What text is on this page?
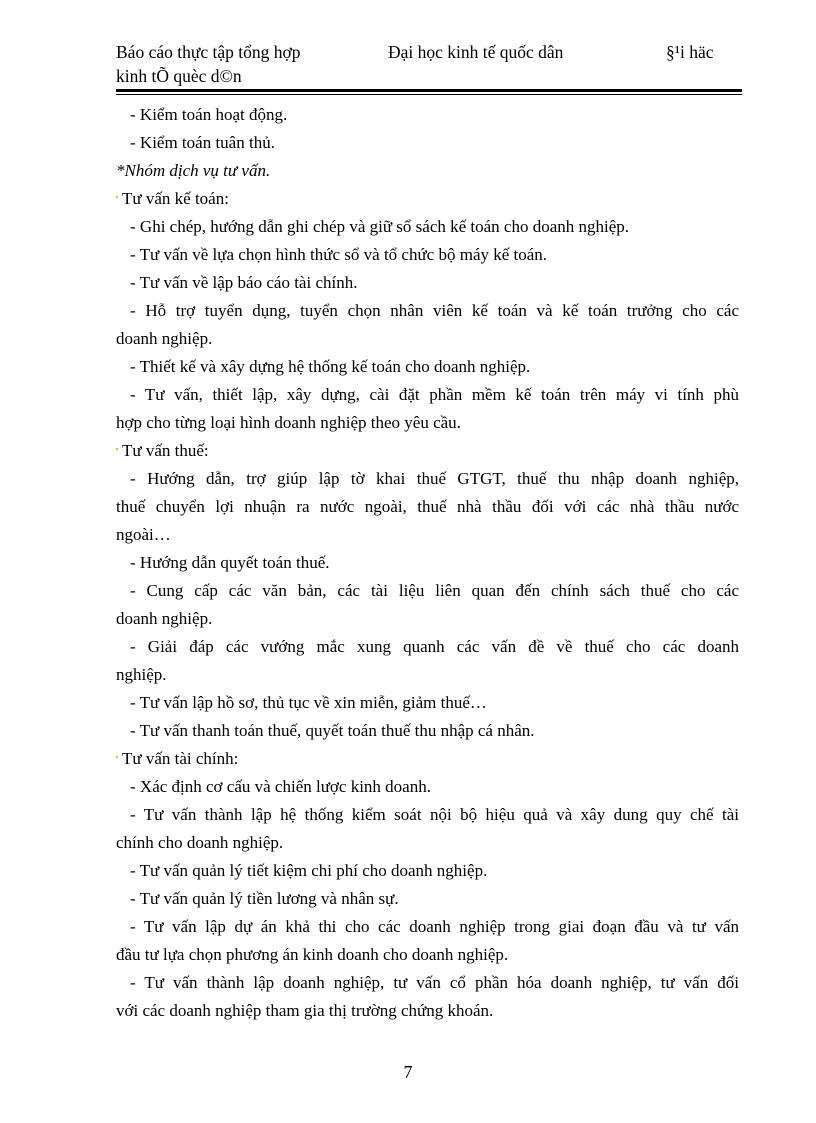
Báo cáo thực tập tổng hợp
kinh tÕ quèc d©n
Đại học kinh tế quốc dân	§¹i häc
- Kiểm toán hoạt động.
- Kiểm toán tuân thủ.
*Nhóm dịch vụ tư vấn.
Tư vấn kế toán:
- Ghi chép, hướng dẫn ghi chép và giữ sổ sách kế toán cho doanh nghiệp.
- Tư vấn về lựa chọn hình thức sổ và tổ chức bộ máy kế toán.
- Tư vấn về lập báo cáo tài chính.
- Hỗ trợ tuyển dụng, tuyển chọn nhân viên kế toán và kế toán trưởng cho các
doanh nghiệp.
- Thiết kế và xây dựng hệ thống kế toán cho doanh nghiệp.
- Tư vấn, thiết lập, xây dựng, cài đặt phần mềm kế toán trên máy vi tính phù
hợp cho từng loại hình doanh nghiệp theo yêu cầu.
Tư vấn thuế:
- Hướng dẫn, trợ giúp lập tờ khai thuế GTGT, thuế thu nhập doanh nghiệp,
thuế chuyển lợi nhuận ra nước ngoài, thuế nhà thầu đối với các nhà thầu nước
ngoài…
- Hướng dẫn quyết toán thuế.
- Cung cấp các văn bản, các tài liệu liên quan đến chính sách thuế cho các
doanh nghiệp.
- Giải đáp các vướng mắc xung quanh các vấn đề về thuế cho các doanh
nghiệp.
- Tư vấn lập hồ sơ, thủ tục về xin miễn, giảm thuế…
- Tư vấn thanh toán thuế, quyết toán thuế thu nhập cá nhân.
Tư vấn tài chính:
- Xác định cơ cấu và chiến lược kinh doanh.
- Tư vấn thành lập hệ thống kiểm soát nội bộ hiệu quả và xây dung quy chế tài
chính cho doanh nghiệp.
- Tư vấn quản lý tiết kiệm chi phí cho doanh nghiệp.
- Tư vấn quản lý tiền lương và nhân sự.
- Tư vấn lập dự án khả thi cho các doanh nghiệp trong giai đoạn đầu và tư vấn
đầu tư lựa chọn phương án kinh doanh cho doanh nghiệp.
- Tư vấn thành lập doanh nghiệp, tư vấn cổ phần hóa doanh nghiệp, tư vấn đối
với các doanh nghiệp tham gia thị trường chứng khoán.
7
